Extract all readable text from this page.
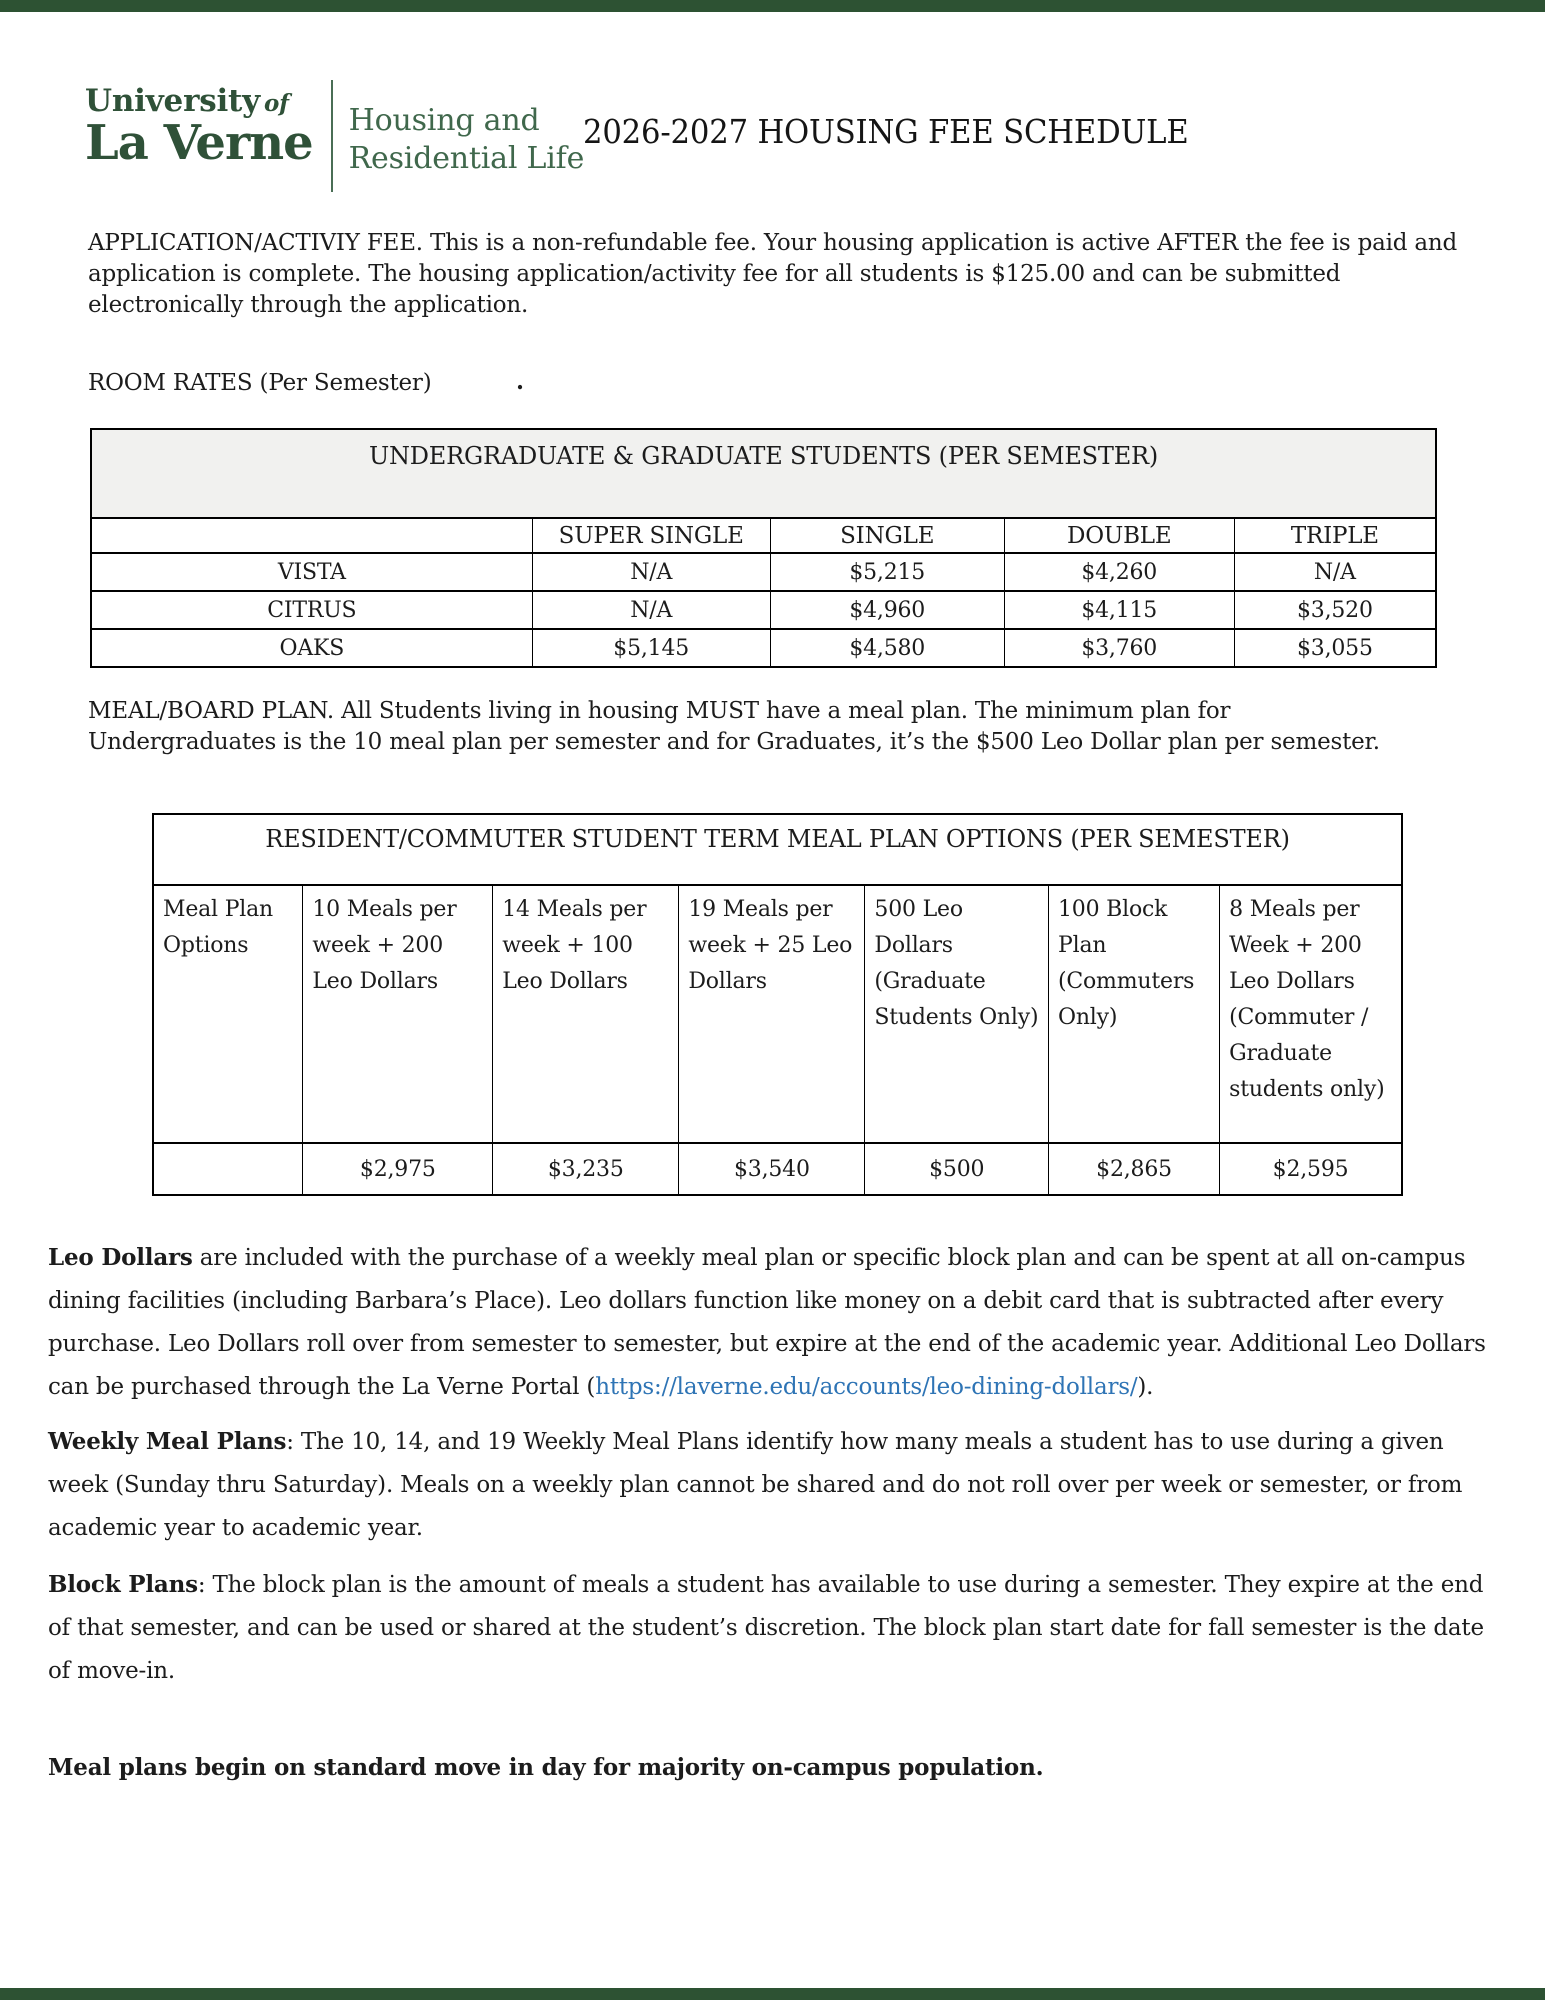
University of
La Verne Housing and
Residential Life
2026-2027 HOUSING FEE SCHEDULE
APPLICATION/ACTIVIY FEE. This is a non-refundable fee. Your housing application is active AFTER the fee is paid and application is complete. The housing application/activity fee for all students is $125.00 and can be submitted electronically through the application.
ROOM RATES (Per Semester)	.
UNDERGRADUATE & GRADUATE STUDENTS (PER SEMESTER)				
	SUPER SINGLE	SINGLE	DOUBLE	TRIPLE
VISTA	N/A	$5,215	$4,260	N/A
CITRUS	N/A	$4,960	$4,115	$3,520
OAKS	$5,145	$4,580	$3,760	$3,055
MEAL/BOARD PLAN. All Students living in housing MUST have a meal plan. The minimum plan for Undergraduates is the 10 meal plan per semester and for Graduates, it’s the $500 Leo Dollar plan per semester.
RESIDENT/COMMUTER STUDENT TERM MEAL PLAN OPTIONS (PER SEMESTER)						
Meal Plan Options	10 Meals per week + 200 Leo Dollars	14 Meals per week + 100 Leo Dollars	19 Meals per week + 25 Leo Dollars	500 Leo Dollars (Graduate Students Only)	100 Block Plan (Commuters Only)	8 Meals per Week + 200 Leo Dollars (Commuter / Graduate students only)
	$2,975	$3,235	$3,540	$500	$2,865	$2,595
Leo Dollars are included with the purchase of a weekly meal plan or specific block plan and can be spent at all on-campus dining facilities (including Barbara’s Place). Leo dollars function like money on a debit card that is subtracted after every purchase. Leo Dollars roll over from semester to semester, but expire at the end of the academic year. Additional Leo Dollars can be purchased through the La Verne Portal (https://laverne.edu/accounts/leo-dining-dollars/).
Weekly Meal Plans: The 10, 14, and 19 Weekly Meal Plans identify how many meals a student has to use during a given week (Sunday thru Saturday). Meals on a weekly plan cannot be shared and do not roll over per week or semester, or from academic year to academic year.
Block Plans: The block plan is the amount of meals a student has available to use during a semester. They expire at the end of that semester, and can be used or shared at the student’s discretion. The block plan start date for fall semester is the date of move-in.
Meal plans begin on standard move in day for majority on-campus population.
